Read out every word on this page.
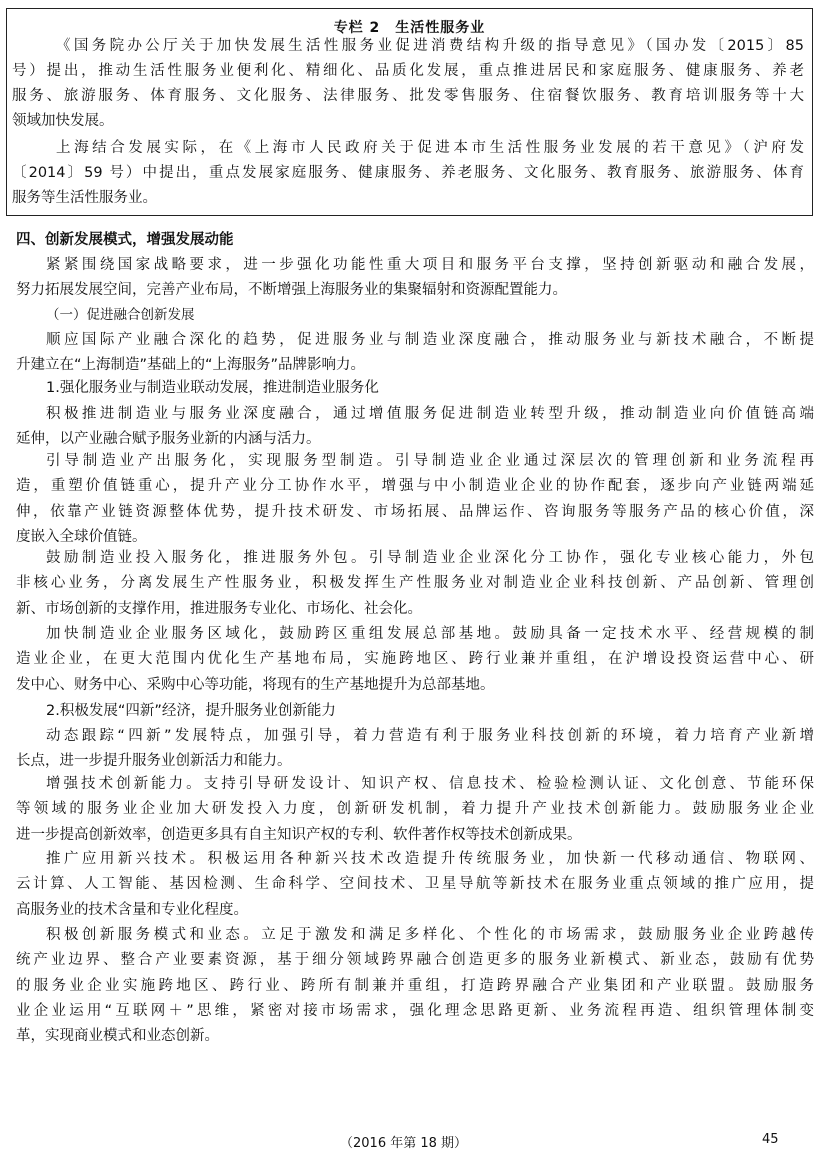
专栏 2　生活性服务业
《国务院办公厅关于加快发展生活性服务业促进消费结构升级的指导意见》（国办发〔2015〕85
号）提出，推动生活性服务业便利化、精细化、品质化发展，重点推进居民和家庭服务、健康服务、养老
服务、旅游服务、体育服务、文化服务、法律服务、批发零售服务、住宿餐饮服务、教育培训服务等十大
领域加快发展。
上海结合发展实际，在《上海市人民政府关于促进本市生活性服务业发展的若干意见》（沪府发
〔2014〕59 号）中提出，重点发展家庭服务、健康服务、养老服务、文化服务、教育服务、旅游服务、体育
服务等生活性服务业。
四、创新发展模式，增强发展动能
紧紧围绕国家战略要求，进一步强化功能性重大项目和服务平台支撑，坚持创新驱动和融合发展，
努力拓展发展空间，完善产业布局，不断增强上海服务业的集聚辐射和资源配置能力。
（一）促进融合创新发展
顺应国际产业融合深化的趋势，促进服务业与制造业深度融合，推动服务业与新技术融合，不断提
升建立在“上海制造”基础上的“上海服务”品牌影响力。
1.强化服务业与制造业联动发展，推进制造业服务化
积极推进制造业与服务业深度融合，通过增值服务促进制造业转型升级，推动制造业向价值链高端
延伸，以产业融合赋予服务业新的内涵与活力。
引导制造业产出服务化，实现服务型制造。引导制造业企业通过深层次的管理创新和业务流程再
造，重塑价值链重心，提升产业分工协作水平，增强与中小制造业企业的协作配套，逐步向产业链两端延
伸，依靠产业链资源整体优势，提升技术研发、市场拓展、品牌运作、咨询服务等服务产品的核心价值，深
度嵌入全球价值链。
鼓励制造业投入服务化，推进服务外包。引导制造业企业深化分工协作，强化专业核心能力，外包
非核心业务，分离发展生产性服务业，积极发挥生产性服务业对制造业企业科技创新、产品创新、管理创
新、市场创新的支撑作用，推进服务专业化、市场化、社会化。
加快制造业企业服务区域化，鼓励跨区重组发展总部基地。鼓励具备一定技术水平、经营规模的制
造业企业，在更大范围内优化生产基地布局，实施跨地区、跨行业兼并重组，在沪增设投资运营中心、研
发中心、财务中心、采购中心等功能，将现有的生产基地提升为总部基地。
2.积极发展“四新”经济，提升服务业创新能力
动态跟踪“四新”发展特点，加强引导，着力营造有利于服务业科技创新的环境，着力培育产业新增
长点，进一步提升服务业创新活力和能力。
增强技术创新能力。支持引导研发设计、知识产权、信息技术、检验检测认证、文化创意、节能环保
等领域的服务业企业加大研发投入力度，创新研发机制，着力提升产业技术创新能力。鼓励服务业企业
进一步提高创新效率，创造更多具有自主知识产权的专利、软件著作权等技术创新成果。
推广应用新兴技术。积极运用各种新兴技术改造提升传统服务业，加快新一代移动通信、物联网、
云计算、人工智能、基因检测、生命科学、空间技术、卫星导航等新技术在服务业重点领域的推广应用，提
高服务业的技术含量和专业化程度。
积极创新服务模式和业态。立足于激发和满足多样化、个性化的市场需求，鼓励服务业企业跨越传
统产业边界、整合产业要素资源，基于细分领域跨界融合创造更多的服务业新模式、新业态，鼓励有优势
的服务业企业实施跨地区、跨行业、跨所有制兼并重组，打造跨界融合产业集团和产业联盟。鼓励服务
业企业运用“互联网＋”思维，紧密对接市场需求，强化理念思路更新、业务流程再造、组织管理体制变
革，实现商业模式和业态创新。
（2016 年第 18 期）	45
